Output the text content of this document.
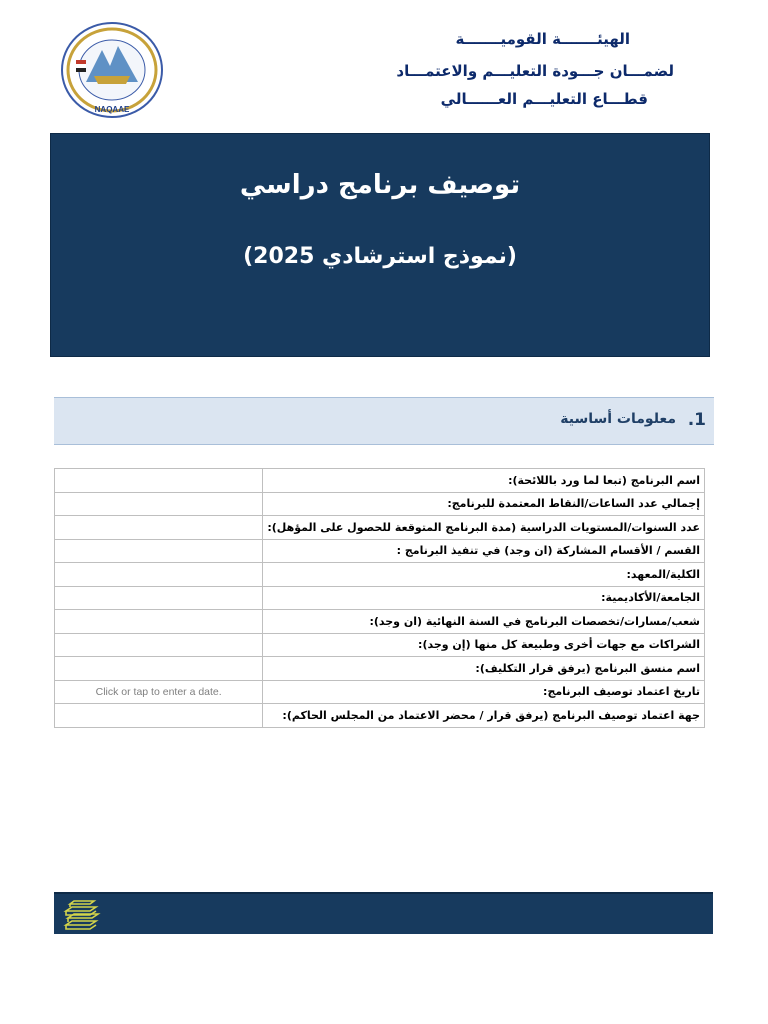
NAQAAE
الهيئـــــــة القوميـــــــة
لضمـــان جـــودة التعليـــم والاعتمـــاد
قطـــاع التعليـــم العــــــالي
توصيف برنامج دراسي
(نموذج استرشادي 2025)
1.
معلومات أساسية
اسم البرنامج (تبعا لما ورد باللائحة):	
إجمالي عدد الساعات/النقاط المعتمدة للبرنامج:	
عدد السنوات/المستويات الدراسية (مدة البرنامج المتوقعة للحصول على المؤهل):	
القسم / الأقسام المشاركة (ان وجد) في تنفيذ البرنامج :	
الكلية/المعهد:	
الجامعة/الأكاديمية:	
شعب/مسارات/تخصصات البرنامج في السنة النهائية (ان وجد):	
الشراكات مع جهات أخرى وطبيعة كل منها (إن وجد):	
اسم منسق البرنامج (يرفق قرار التكليف):	
تاريخ اعتماد توصيف البرنامج:	Click or tap to enter a date.
جهة اعتماد توصيف البرنامج (يرفق قرار / محضر الاعتماد من المجلس الحاكم):	
